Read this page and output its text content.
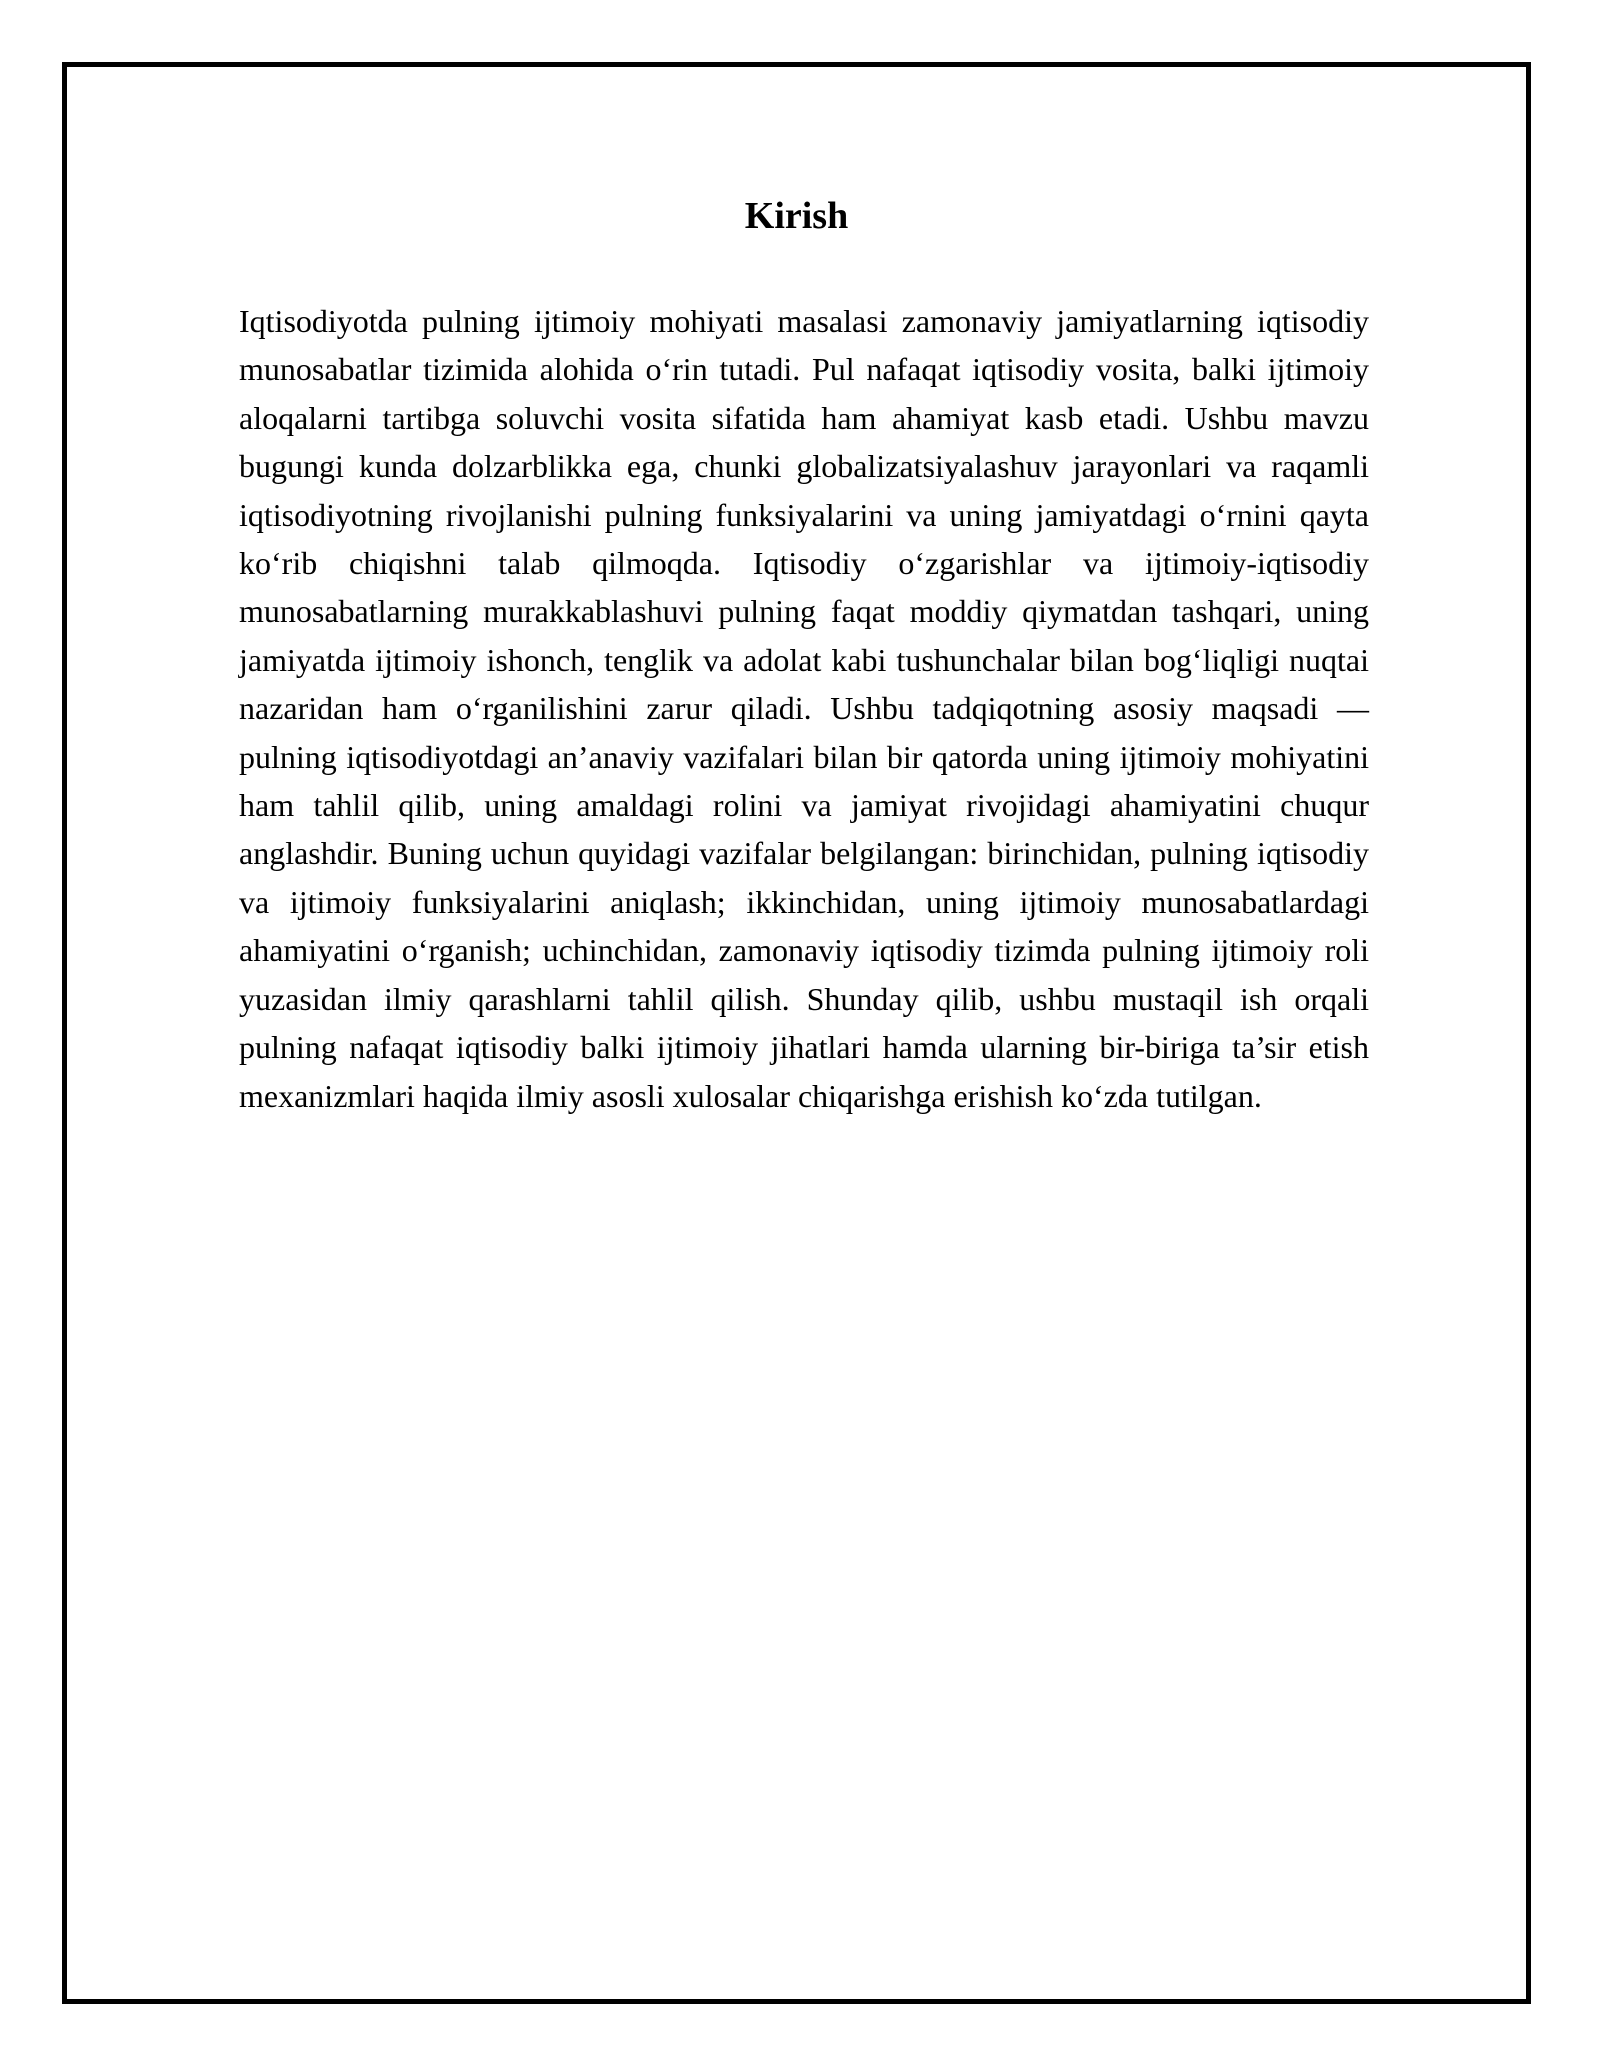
Kirish

Iqtisodiyotda pulning ijtimoiy mohiyati masalasi zamonaviy jamiyatlarning iqtisodiy munosabatlar tizimida alohida o‘rin tutadi. Pul nafaqat iqtisodiy vosita, balki ijtimoiy aloqalarni tartibga soluvchi vosita sifatida ham ahamiyat kasb etadi. Ushbu mavzu bugungi kunda dolzarblikka ega, chunki globalizatsiyalashuv jarayonlari va raqamli iqtisodiyotning rivojlanishi pulning funksiyalarini va uning jamiyatdagi o‘rnini qayta ko‘rib chiqishni talab qilmoqda. Iqtisodiy o‘zgarishlar va ijtimoiy-iqtisodiy munosabatlarning murakkablashuvi pulning faqat moddiy qiymatdan tashqari, uning jamiyatda ijtimoiy ishonch, tenglik va adolat kabi tushunchalar bilan bog‘liqligi nuqtai nazaridan ham o‘rganilishini zarur qiladi. Ushbu tadqiqotning asosiy maqsadi — pulning iqtisodiyotdagi an’anaviy vazifalari bilan bir qatorda uning ijtimoiy mohiyatini ham tahlil qilib, uning amaldagi rolini va jamiyat rivojidagi ahamiyatini chuqur anglashdir. Buning uchun quyidagi vazifalar belgilangan: birinchidan, pulning iqtisodiy va ijtimoiy funksiyalarini aniqlash; ikkinchidan, uning ijtimoiy munosabatlardagi ahamiyatini o‘rganish; uchinchidan, zamonaviy iqtisodiy tizimda pulning ijtimoiy roli yuzasidan ilmiy qarashlarni tahlil qilish. Shunday qilib, ushbu mustaqil ish orqali pulning nafaqat iqtisodiy balki ijtimoiy jihatlari hamda ularning bir-biriga ta’sir etish mexanizmlari haqida ilmiy asosli xulosalar chiqarishga erishish ko‘zda tutilgan.
